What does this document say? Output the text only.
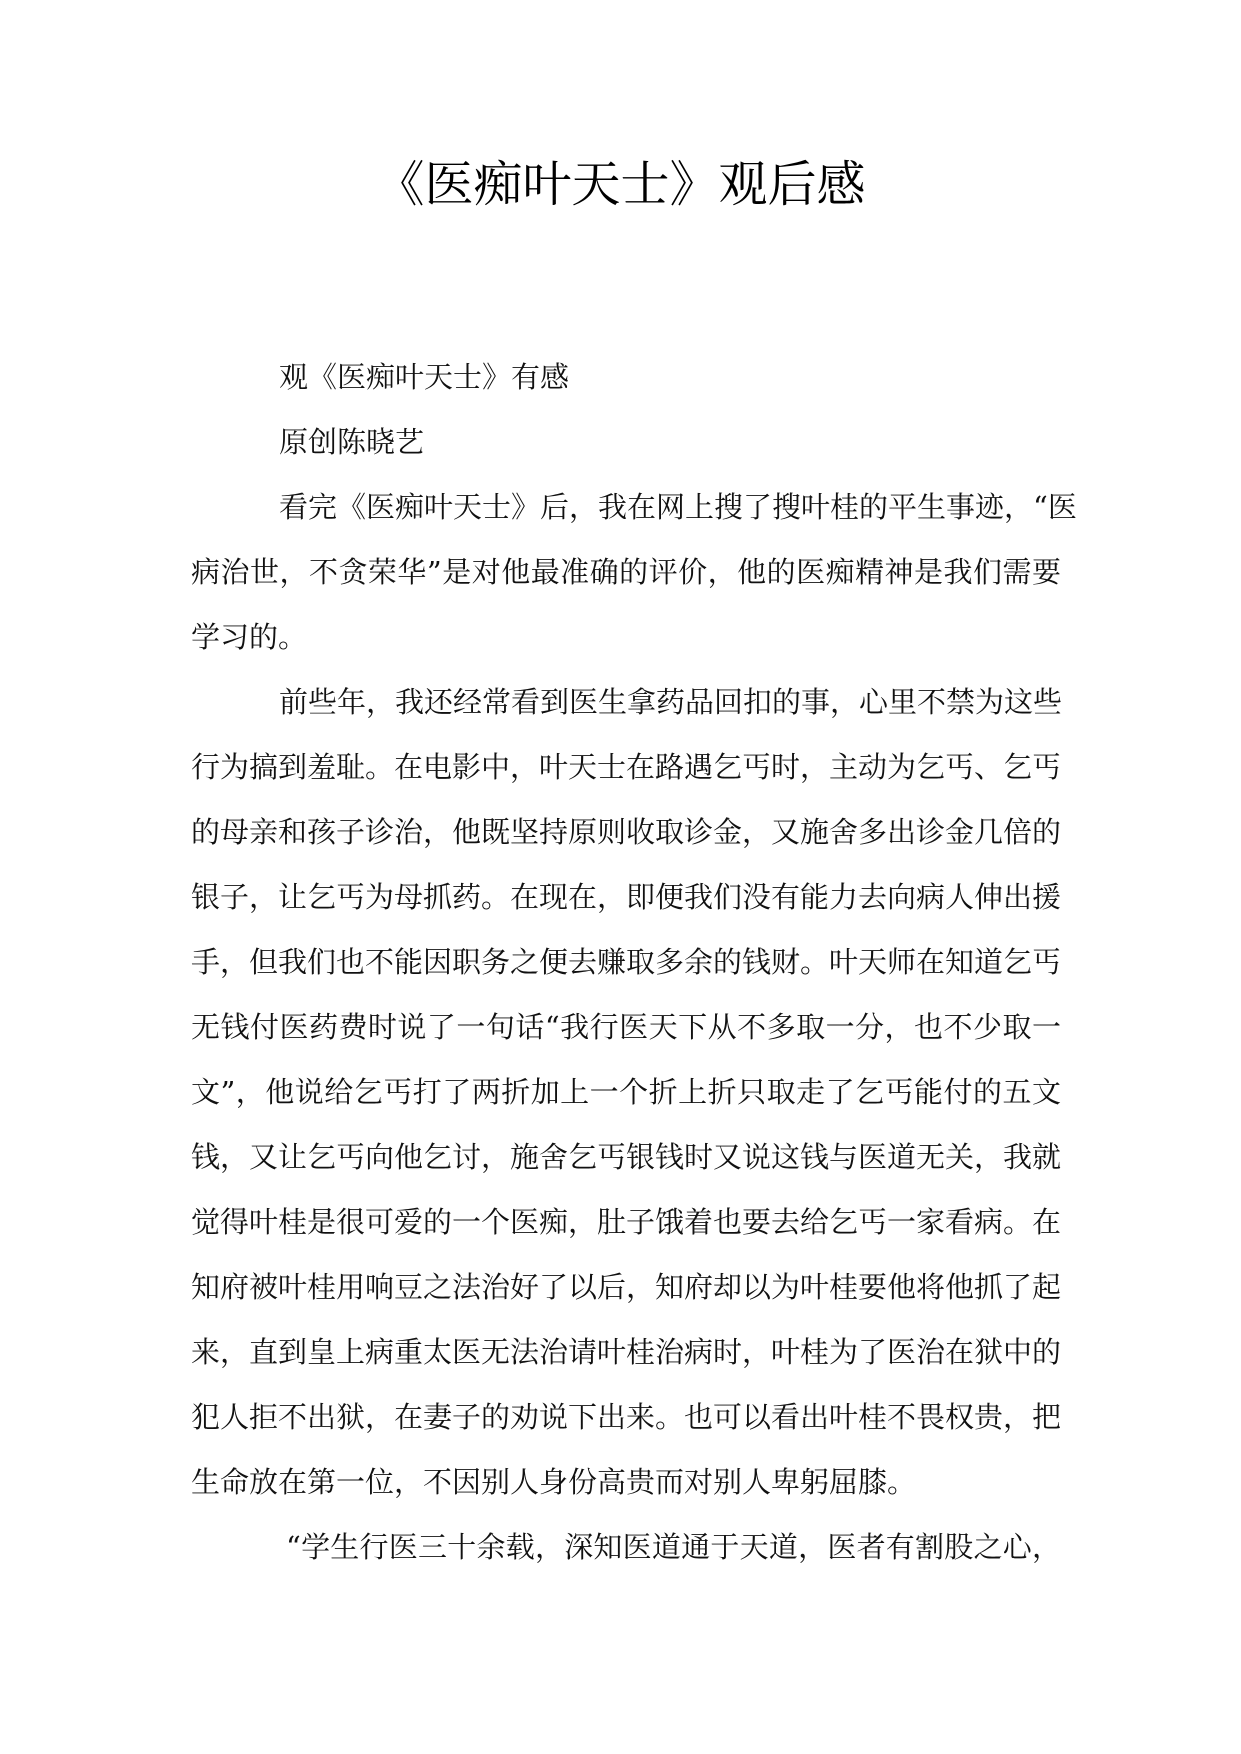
《医痴叶天士》观后感
观《医痴叶天士》有感
原创陈晓艺
看完《医痴叶天士》后，我在网上搜了搜叶桂的平生事迹，“医
病治世，不贪荣华”是对他最准确的评价，他的医痴精神是我们需要
学习的。
前些年，我还经常看到医生拿药品回扣的事，心里不禁为这些
行为搞到羞耻。在电影中，叶天士在路遇乞丐时，主动为乞丐、乞丐
的母亲和孩子诊治，他既坚持原则收取诊金，又施舍多出诊金几倍的
银子，让乞丐为母抓药。在现在，即便我们没有能力去向病人伸出援
手，但我们也不能因职务之便去赚取多余的钱财。叶天师在知道乞丐
无钱付医药费时说了一句话“我行医天下从不多取一分，也不少取一
文”，他说给乞丐打了两折加上一个折上折只取走了乞丐能付的五文
钱，又让乞丐向他乞讨，施舍乞丐银钱时又说这钱与医道无关，我就
觉得叶桂是很可爱的一个医痴，肚子饿着也要去给乞丐一家看病。在
知府被叶桂用响豆之法治好了以后，知府却以为叶桂要他将他抓了起
来，直到皇上病重太医无法治请叶桂治病时，叶桂为了医治在狱中的
犯人拒不出狱，在妻子的劝说下出来。也可以看出叶桂不畏权贵，把
生命放在第一位，不因别人身份高贵而对别人卑躬屈膝。
“学生行医三十余载，深知医道通于天道，医者有割股之心，
